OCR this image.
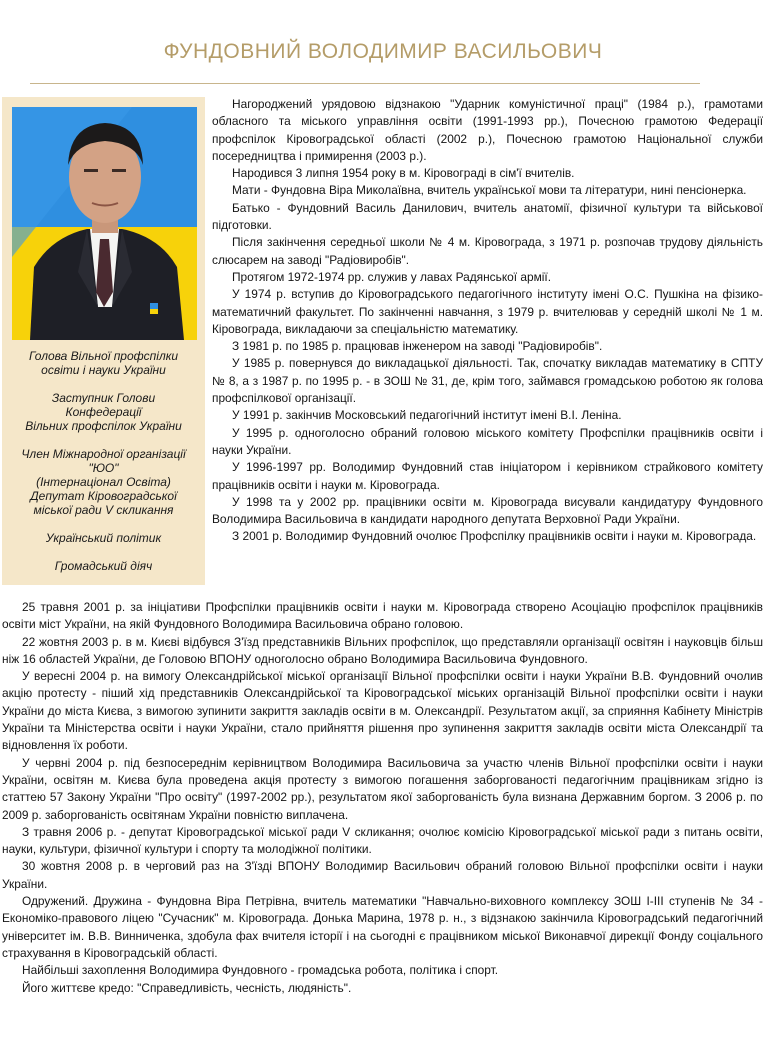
ФУНДОВНИЙ ВОЛОДИМИР ВАСИЛЬОВИЧ
Голова Вільної профспілки
освіти і науки України
Заступник Голови
Конфедерації
Вільних профспілок України
Член Міжнародної організації
"ЮО"
(Інтернаціонал Освіта)
Депутат Кіровоградської
міської ради V скликання
Український політик
Громадський діяч

Нагороджений урядовою відзнакою "Ударник комуністичної праці" (1984 р.), грамотами обласного та міського управління освіти (1991-1993 рр.), Почесною грамотою Федерації профспілок Кіровоградської області (2002 р.), Почесною грамотою Національної служби посередництва і примирення (2003 р.).

Народився 3 липня 1954 року в м. Кіровограді в сім'ї вчителів.

Мати - Фундовна Віра Миколаївна, вчитель української мови та літератури, нині пенсіонерка.

Батько - Фундовний Василь Данилович, вчитель анатомії, фізичної культури та військової підготовки.

Після закінчення середньої школи № 4 м. Кіровограда, з 1971 р. розпочав трудову діяльність слюсарем на заводі "Радіовиробів".

Протягом 1972-1974 рр. служив у лавах Радянської армії.

У 1974 р. вступив до Кіровоградського педагогічного інституту імені О.С. Пушкіна на фізико-математичний факультет. По закінченні навчання, з 1979 р. вчителював у середній школі № 1 м. Кіровограда, викладаючи за спеціальністю математику.

З 1981 р. по 1985 р. працював інженером на заводі "Радіовиробів".

У 1985 р. повернувся до викладацької діяльності. Так, спочатку викладав математику в СПТУ № 8, а з 1987 р. по 1995 р. - в ЗОШ № 31, де, крім того, займався громадською роботою як голова профспілкової організації.

У 1991 р. закінчив Московський педагогічний інститут імені В.І. Леніна.

У 1995 р. одноголосно обраний головою міського комітету Профспілки працівників освіти і науки України.

У 1996-1997 рр. Володимир Фундовний став ініціатором і керівником страйкового комітету працівників освіти і науки м. Кіровограда.

У 1998 та у 2002 рр. працівники освіти м. Кіровограда висували кандидатуру Фундовного Володимира Васильовича в кандидати народного депутата Верховної Ради України.

З 2001 р. Володимир Фундовний очолює Профспілку працівників освіти і науки м. Кіровограда.

25 травня 2001 р. за ініціативи Профспілки працівників освіти і науки м. Кіровограда створено Асоціацію профспілок працівників освіти міст України, на якій Фундовного Володимира Васильовича обрано головою.

22 жовтня 2003 р. в м. Києві відбувся З'їзд представників Вільних профспілок, що представляли організації освітян і науковців більш ніж 16 областей України, де Головою ВПОНУ одноголосно обрано Володимира Васильовича Фундовного.

У вересні 2004 р. на вимогу Олександрійської міської організації Вільної профспілки освіти і науки України В.В. Фундовний очолив акцію протесту - піший хід представників Олександрійської та Кіровоградської міських організацій Вільної профспілки освіти і науки України до міста Києва, з вимогою зупинити закриття закладів освіти в м. Олександрії. Результатом акції, за сприяння Кабінету Міністрів України та Міністерства освіти і науки України, стало прийняття рішення про зупинення закриття закладів освіти міста Олександрії та відновлення їх роботи.

У червні 2004 р. під безпосереднім керівництвом Володимира Васильовича за участю членів Вільної профспілки освіти і науки України, освітян м. Києва була проведена акція протесту з вимогою погашення заборгованості педагогічним працівникам згідно із статтею 57 Закону України "Про освіту" (1997-2002 рр.), результатом якої заборгованість була визнана Державним боргом. З 2006 р. по 2009 р. заборгованість освітянам України повністю виплачена.

З травня 2006 р. - депутат Кіровоградської міської ради V скликання; очолює комісію Кіровоградської міської ради з питань освіти, науки, культури, фізичної культури і спорту та молодіжної політики.

30 жовтня 2008 р. в черговий раз на З'їзді ВПОНУ Володимир Васильович обраний головою Вільної профспілки освіти і науки України.

Одружений. Дружина - Фундовна Віра Петрівна, вчитель математики "Навчально-виховного комплексу ЗОШ І-ІІІ ступенів № 34 - Економіко-правового ліцею "Сучасник" м. Кіровограда. Донька Марина, 1978 р. н., з відзнакою закінчила Кіровоградський педагогічний університет ім. В.В. Винниченка, здобула фах вчителя історії і на сьогодні є працівником міської Виконавчої дирекції Фонду соціального страхування в Кіровоградській області.

Найбільші захоплення Володимира Фундовного - громадська робота, політика і спорт.

Його життєве кредо: "Справедливість, чесність, людяність".
